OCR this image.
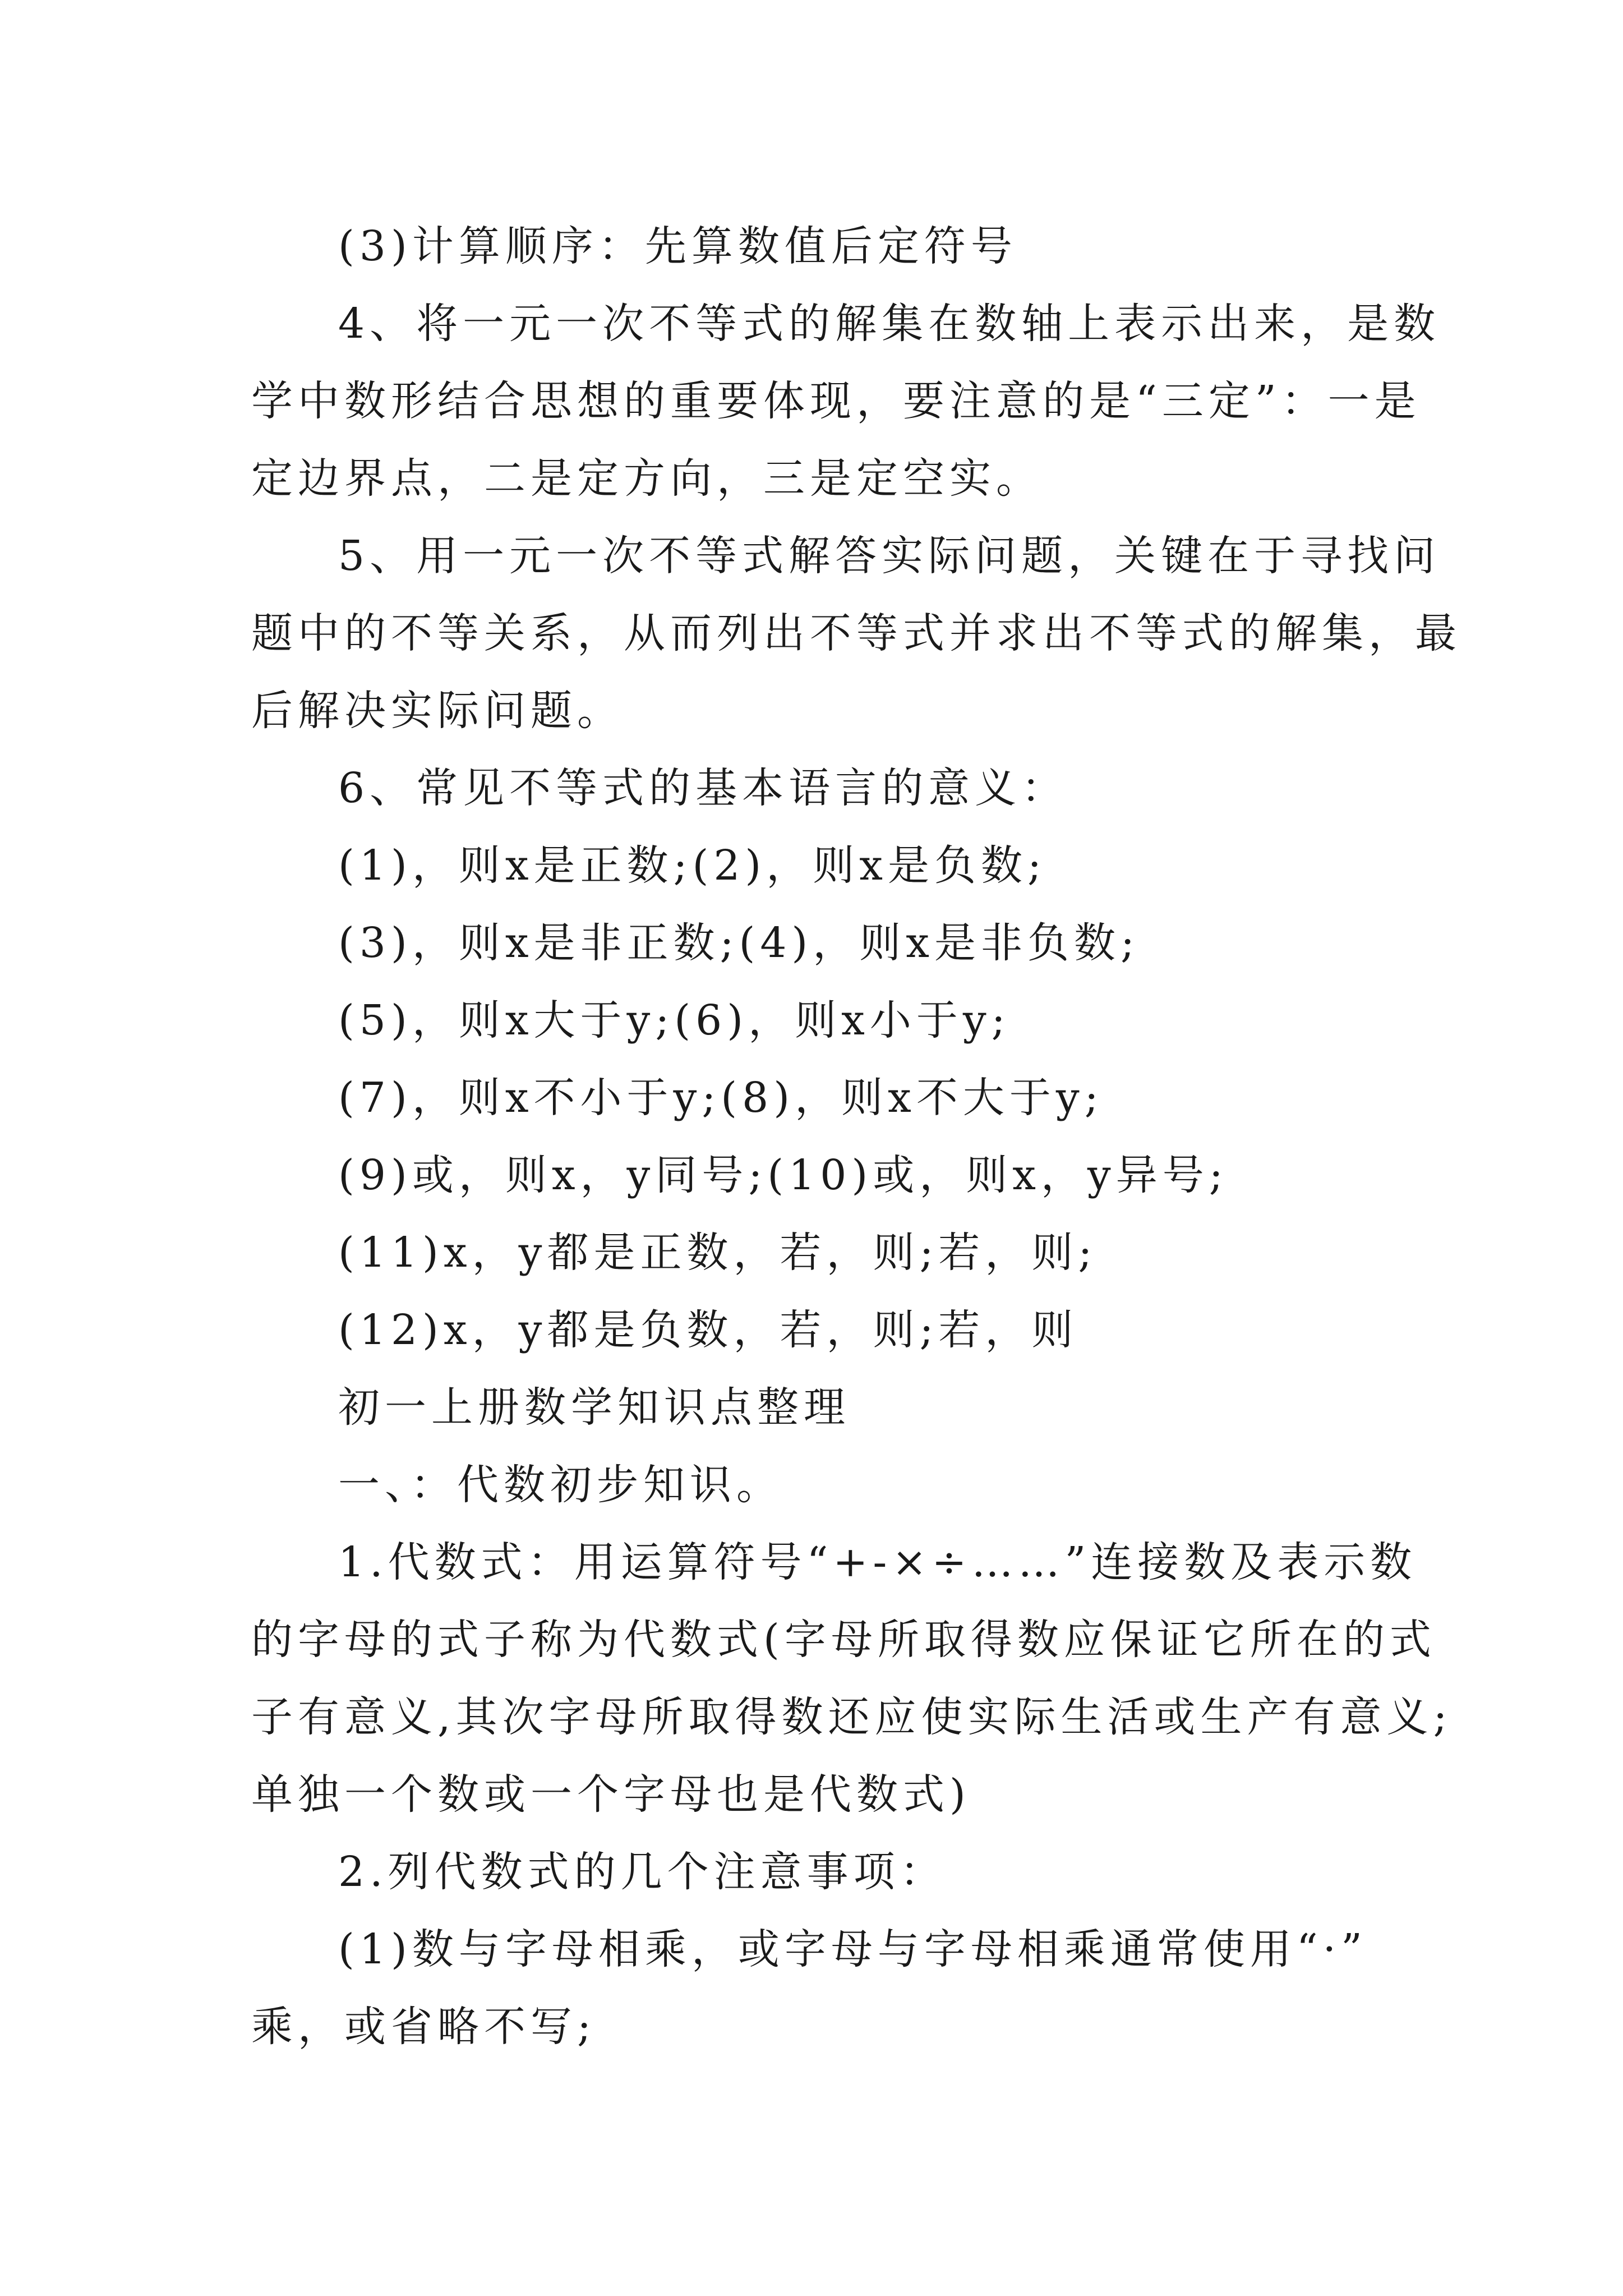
(3)计算顺序：先算数值后定符号

4、将一元一次不等式的解集在数轴上表示出来，是数

学中数形结合思想的重要体现，要注意的是“三定”：一是

定边界点，二是定方向，三是定空实。

5、用一元一次不等式解答实际问题，关键在于寻找问

题中的不等关系，从而列出不等式并求出不等式的解集，最

后解决实际问题。

6、常见不等式的基本语言的意义：

(1)，则x是正数;(2)，则x是负数;

(3)，则x是非正数;(4)，则x是非负数;

(5)，则x大于y;(6)，则x小于y;

(7)，则x不小于y;(8)，则x不大于y;

(9)或，则x，y同号;(10)或，则x，y异号;

(11)x，y都是正数，若，则;若，则;

(12)x，y都是负数，若，则;若，则

初一上册数学知识点整理

一、：代数初步知识。

1.代数式：用运算符号“+-×÷……”连接数及表示数

的字母的式子称为代数式(字母所取得数应保证它所在的式

子有意义,其次字母所取得数还应使实际生活或生产有意义;

单独一个数或一个字母也是代数式)

2.列代数式的几个注意事项：

(1)数与字母相乘，或字母与字母相乘通常使用“·”

乘，或省略不写;
